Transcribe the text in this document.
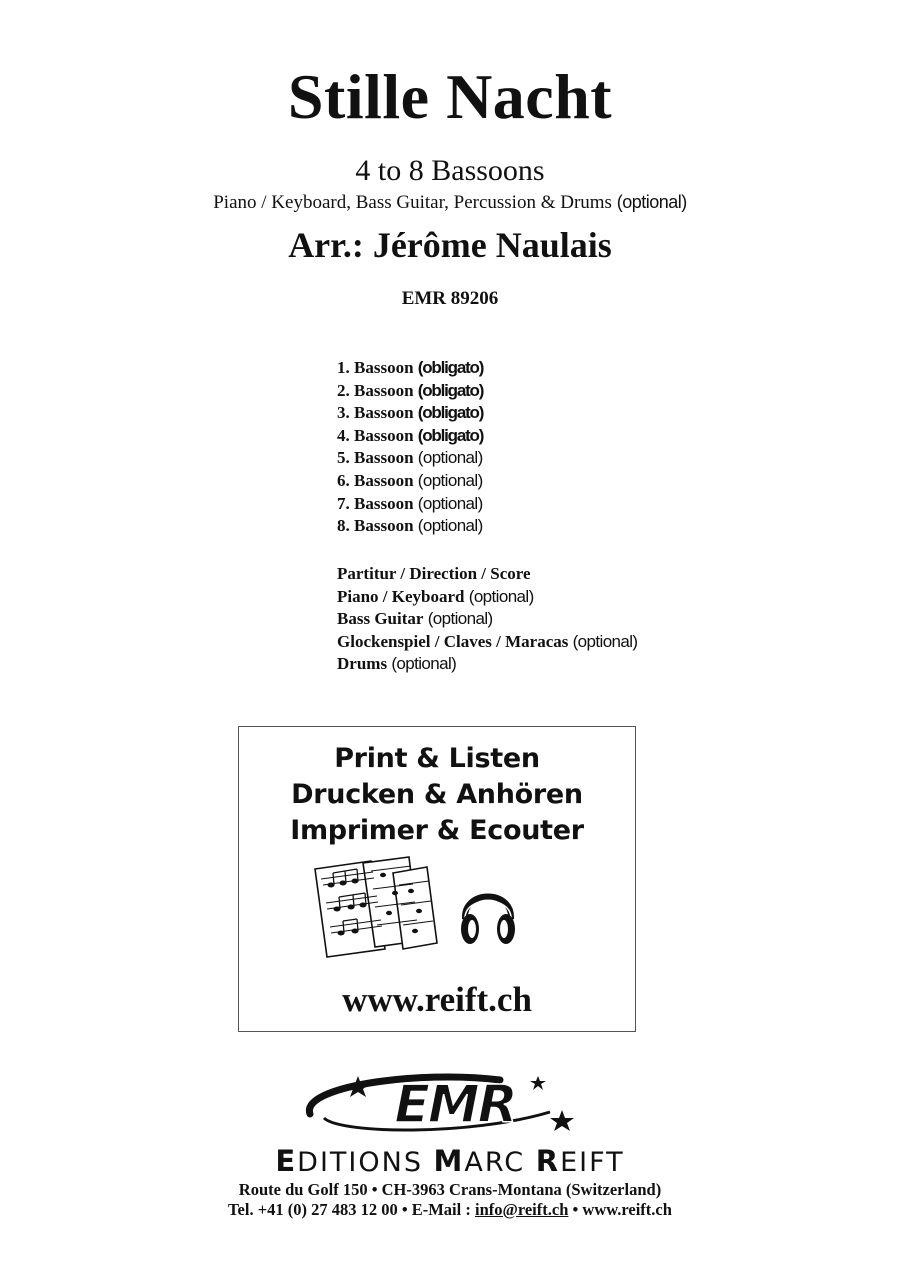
Stille Nacht
4 to 8 Bassoons
Piano / Keyboard, Bass Guitar, Percussion & Drums (optional)
Arr.: Jérôme Naulais
EMR 89206
1. Bassoon (obligato)
2. Bassoon (obligato)
3. Bassoon (obligato)
4. Bassoon (obligato)
5. Bassoon (optional)
6. Bassoon (optional)
7. Bassoon (optional)
8. Bassoon (optional)
Partitur / Direction / Score
Piano / Keyboard (optional)
Bass Guitar (optional)
Glockenspiel / Claves / Maracas (optional)
Drums (optional)
Print & Listen
Drucken & Anhören
Imprimer & Ecouter
www.reift.ch
EMR
EDITIONS MARC REIFT
Route du Golf 150 • CH-3963 Crans-Montana (Switzerland)
Tel. +41 (0) 27 483 12 00 • E-Mail : info@reift.ch • www.reift.ch
